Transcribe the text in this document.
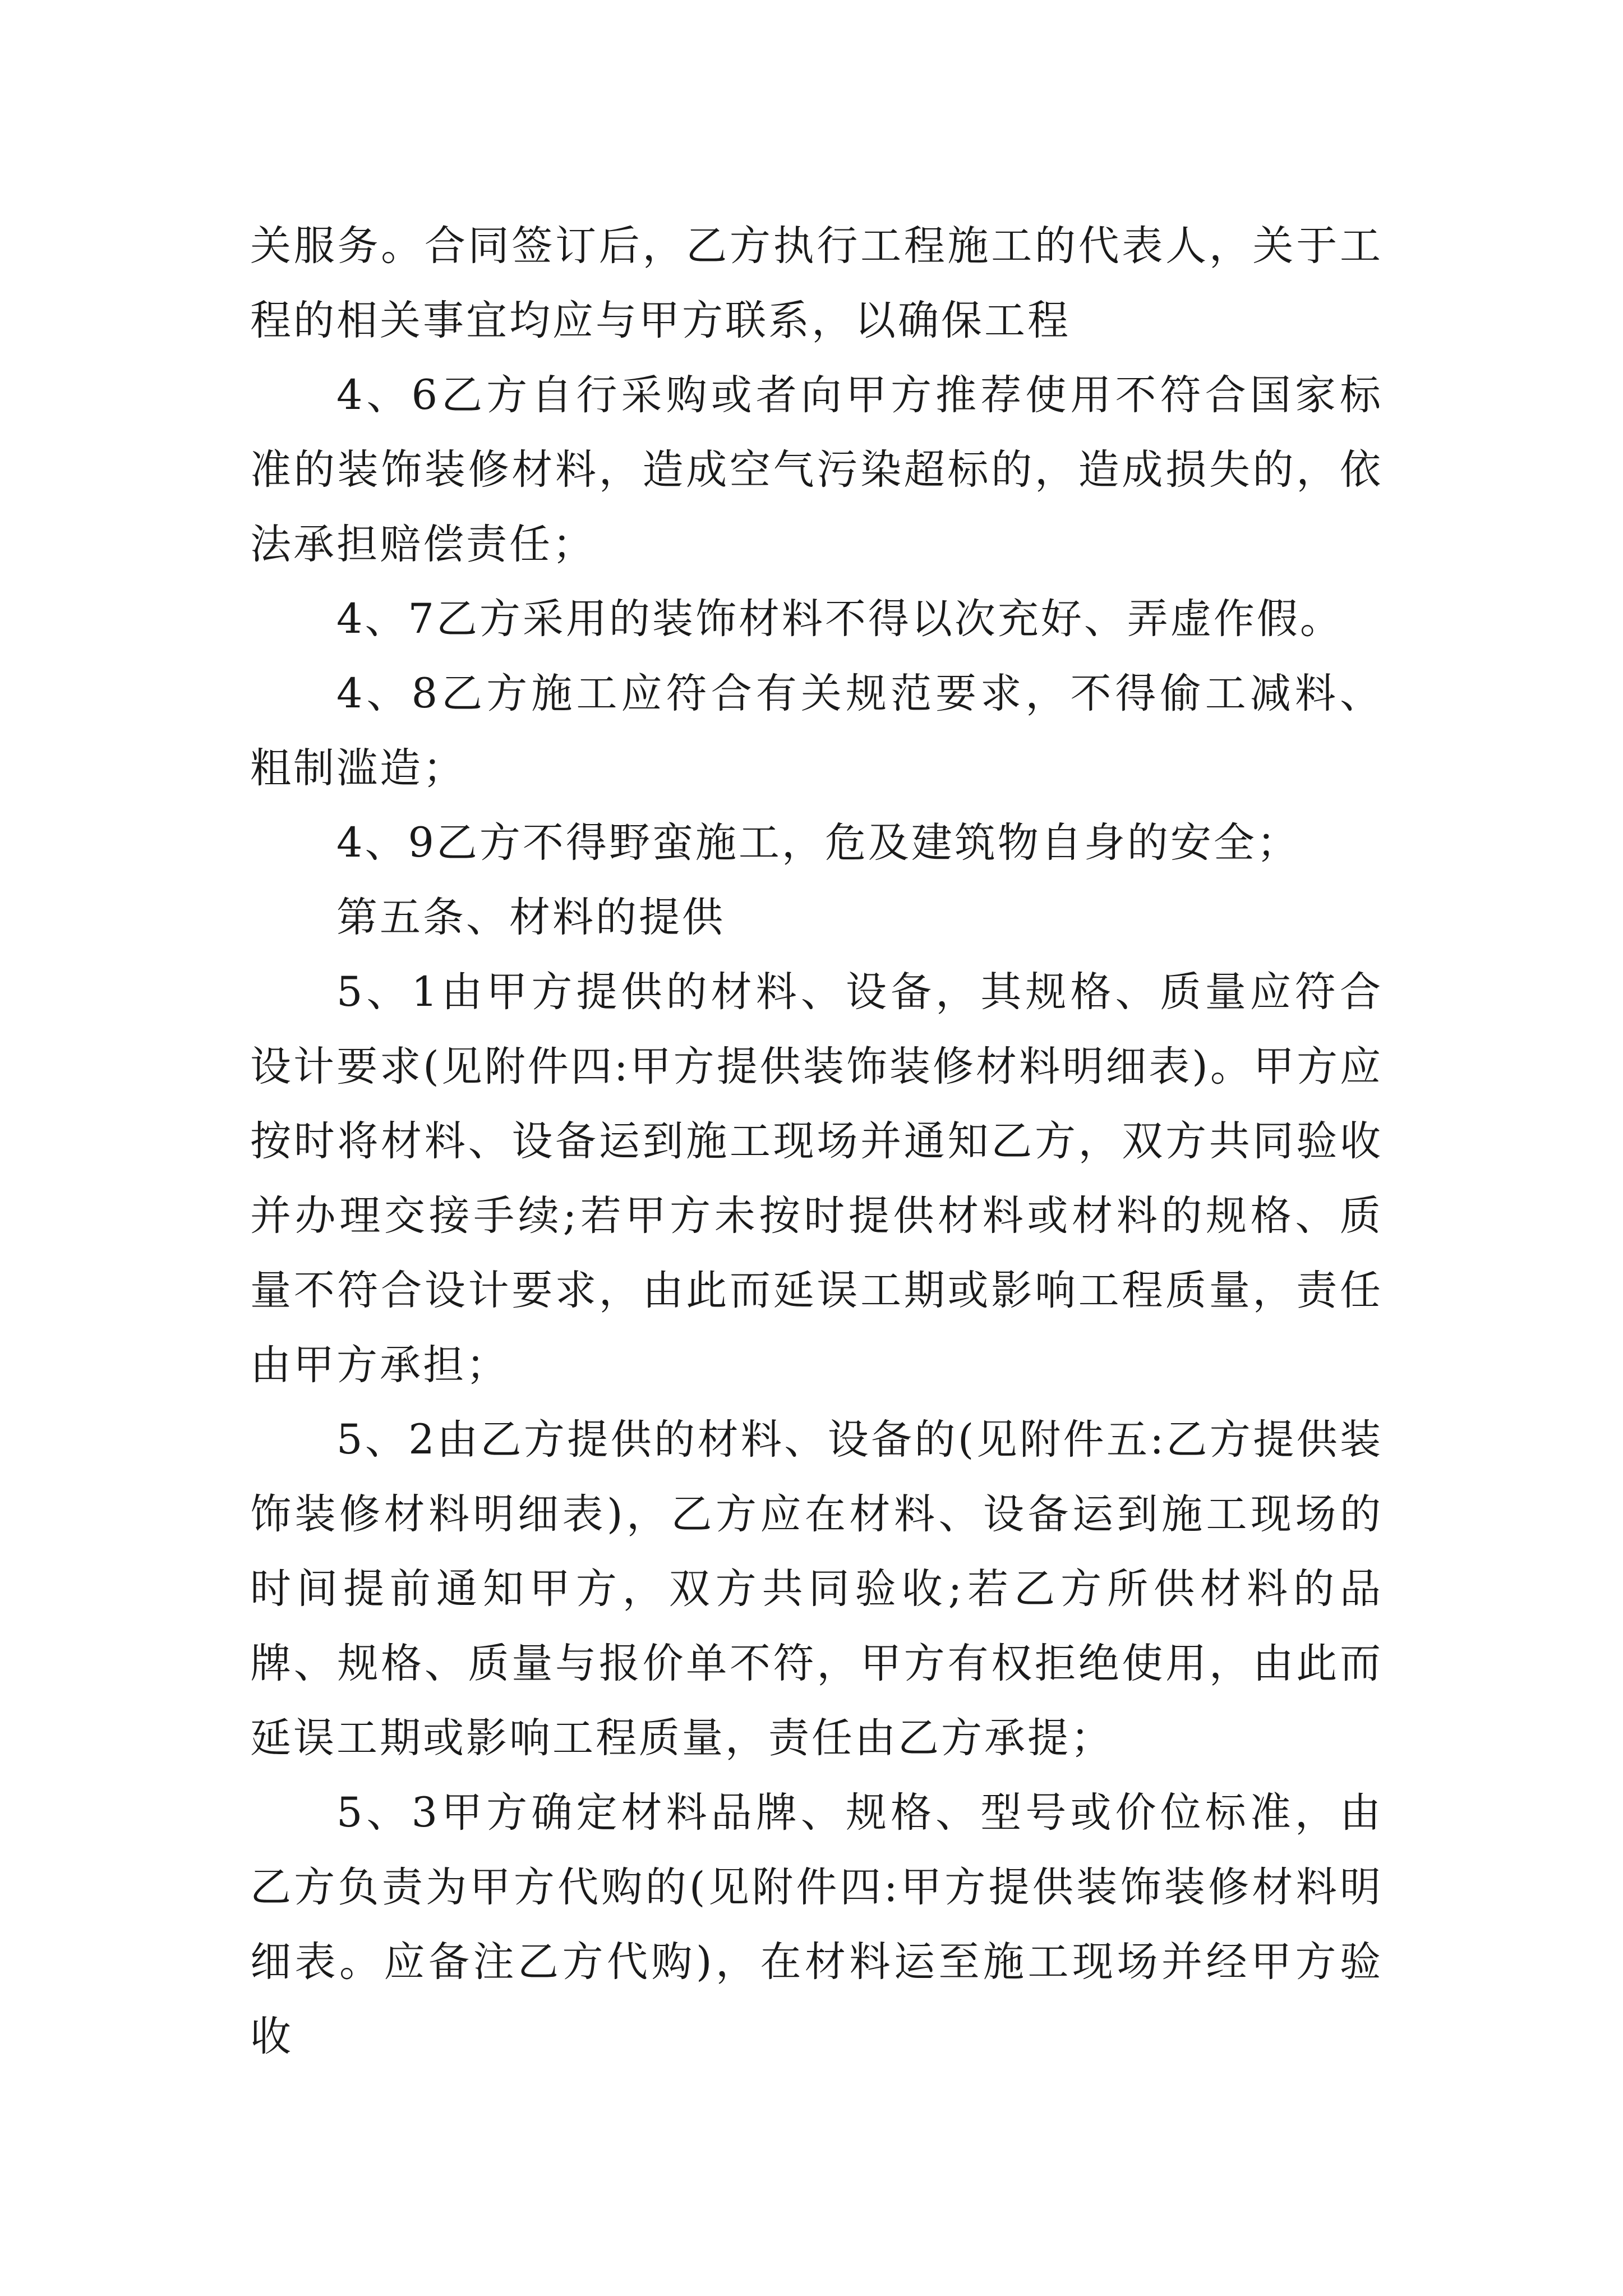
关服务。合同签订后，乙方执行工程施工的代表人，关于工程的相关事宜均应与甲方联系，以确保工程

4、6乙方自行采购或者向甲方推荐使用不符合国家标准的装饰装修材料，造成空气污染超标的，造成损失的，依法承担赔偿责任；

4、7乙方采用的装饰材料不得以次充好、弄虚作假。

4、8乙方施工应符合有关规范要求，不得偷工减料、粗制滥造；

4、9乙方不得野蛮施工，危及建筑物自身的安全；

第五条、材料的提供

5、1由甲方提供的材料、设备，其规格、质量应符合设计要求(见附件四:甲方提供装饰装修材料明细表)。甲方应按时将材料、设备运到施工现场并通知乙方，双方共同验收并办理交接手续;若甲方未按时提供材料或材料的规格、质量不符合设计要求，由此而延误工期或影响工程质量，责任由甲方承担；

5、2由乙方提供的材料、设备的(见附件五:乙方提供装饰装修材料明细表)，乙方应在材料、设备运到施工现场的时间提前通知甲方，双方共同验收;若乙方所供材料的品牌、规格、质量与报价单不符，甲方有权拒绝使用，由此而延误工期或影响工程质量，责任由乙方承提；

5、3甲方确定材料品牌、规格、型号或价位标准，由乙方负责为甲方代购的(见附件四:甲方提供装饰装修材料明细表。应备注乙方代购)，在材料运至施工现场并经甲方验收
